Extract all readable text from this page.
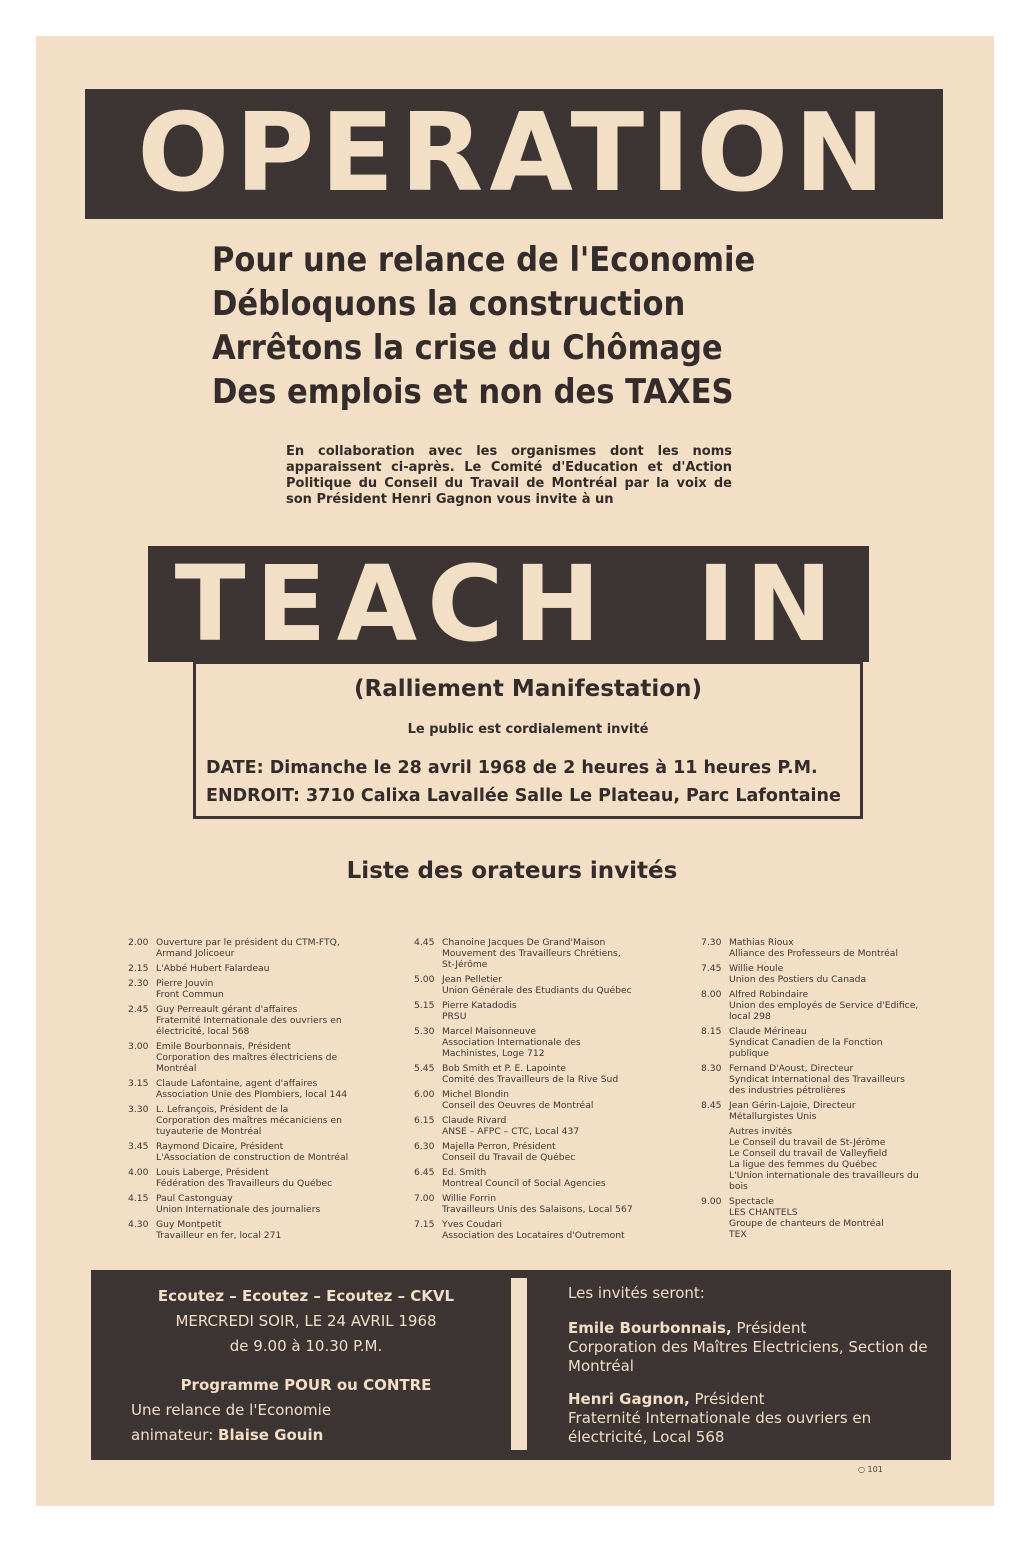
OPERATION
Pour une relance de l'Economie
Débloquons la construction
Arrêtons la crise du Chômage
Des emplois et non des TAXES
En collaboration avec les organismes dont les noms apparaissent ci-après. Le Comité d'Education et d'Action Politique du Conseil du Travail de Montréal par la voix de son Président Henri Gagnon vous invite à un
TEACH IN
(Ralliement Manifestation)
Le public est cordialement invité
DATE: Dimanche le 28 avril 1968 de 2 heures à 11 heures P.M.
ENDROIT: 3710 Calixa Lavallée Salle Le Plateau, Parc Lafontaine
Liste des orateurs invités
2.00 Ouverture par le président du CTM-FTQ,
Armand Jolicoeur
2.15 L'Abbé Hubert Falardeau
2.30 Pierre Jouvin
Front Commun
2.45 Guy Perreault gérant d'affaires
Fraternité Internationale des ouvriers en
électricité, local 568
3.00 Emile Bourbonnais, Président
Corporation des maîtres électriciens de
Montréal
3.15 Claude Lafontaine, agent d'affaires
Association Unie des Plombiers, local 144
3.30 L. Lefrançois, Président de la
Corporation des maîtres mécaniciens en
tuyauterie de Montréal
3.45 Raymond Dicaire, Président
L'Association de construction de Montréal
4.00 Louis Laberge, Président
Fédération des Travailleurs du Québec
4.15 Paul Castonguay
Union Internationale des journaliers
4.30 Guy Montpetit
Travailleur en fer, local 271
4.45 Chanoine Jacques De Grand'Maison
Mouvement des Travailleurs Chrétiens,
St-Jérôme
5.00 Jean Pelletier
Union Générale des Etudiants du Québec
5.15 Pierre Katadodis
PRSU
5.30 Marcel Maisonneuve
Association Internationale des
Machinistes, Loge 712
5.45 Bob Smith et P. E. Lapointe
Comité des Travailleurs de la Rive Sud
6.00 Michel Blondin
Conseil des Oeuvres de Montréal
6.15 Claude Rivard
ANSE – AFPC – CTC, Local 437
6.30 Majella Perron, Président
Conseil du Travail de Québec
6.45 Ed. Smith
Montreal Council of Social Agencies
7.00 Willie Forrin
Travailleurs Unis des Salaisons, Local 567
7.15 Yves Coudari
Association des Locataires d'Outremont
7.30 Mathias Rioux
Alliance des Professeurs de Montréal
7.45 Willie Houle
Union des Postiers du Canada
8.00 Alfred Robindaire
Union des employés de Service d'Edifice,
local 298
8.15 Claude Mérineau
Syndicat Canadien de la Fonction
publique
8.30 Fernand D'Aoust, Directeur
Syndicat International des Travailleurs
des industries pétrolières
8.45 Jean Gérin-Lajoie, Directeur
Métallurgistes Unis
Autres invités
Le Conseil du travail de St-Jérôme
Le Conseil du travail de Valleyfield
La ligue des femmes du Québec
L'Union internationale des travailleurs du
bois
9.00 Spectacle
LES CHANTELS
Groupe de chanteurs de Montréal
TEX
Ecoutez – Ecoutez – Ecoutez – CKVL
MERCREDI SOIR, LE 24 AVRIL 1968
de 9.00 à 10.30 P.M.
Programme POUR ou CONTRE
Une relance de l'Economie
animateur: Blaise Gouin
Les invités seront:
Emile Bourbonnais, Président
Corporation des Maîtres Electriciens, Section de Montréal
Henri Gagnon, Président
Fraternité Internationale des ouvriers en électricité, Local 568
○ 101
